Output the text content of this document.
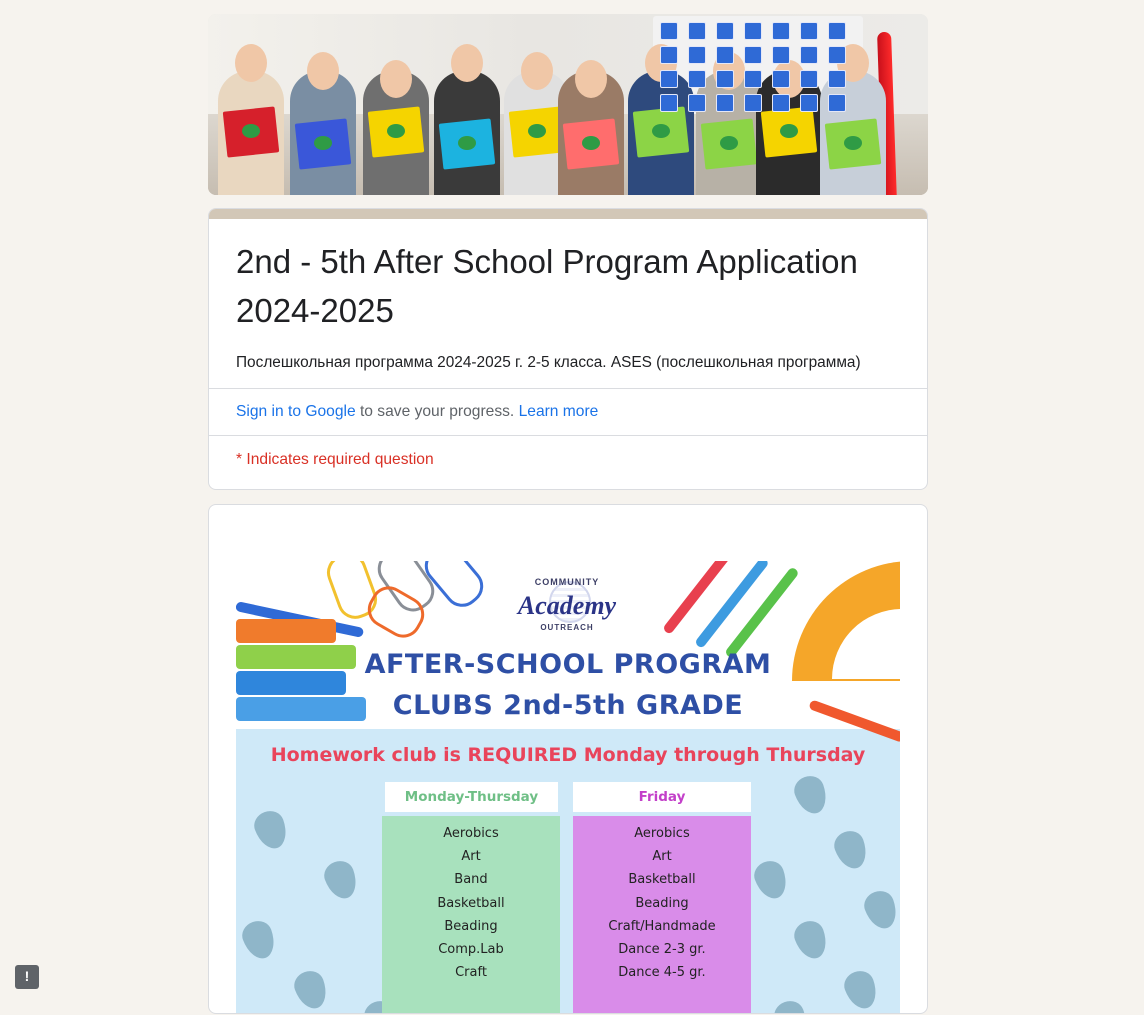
2nd - 5th After School Program Application 2024-2025
Послешкольная программа 2024-2025 г. 2-5 класса. ASES (послешкольная программа)
Sign in to Google to save your progress. Learn more
* Indicates required question
COMMUNITY
Academy
OUTREACH
AFTER-SCHOOL PROGRAM
CLUBS 2nd-5th GRADE
Homework club is REQUIRED Monday through Thursday
Monday-Thursday	Friday
Aerobics
Art
Band
Basketball
Beading
Comp.Lab
Craft
Aerobics
Art
Basketball
Beading
Craft/Handmade
Dance 2-3 gr.
Dance 4-5 gr.
!
